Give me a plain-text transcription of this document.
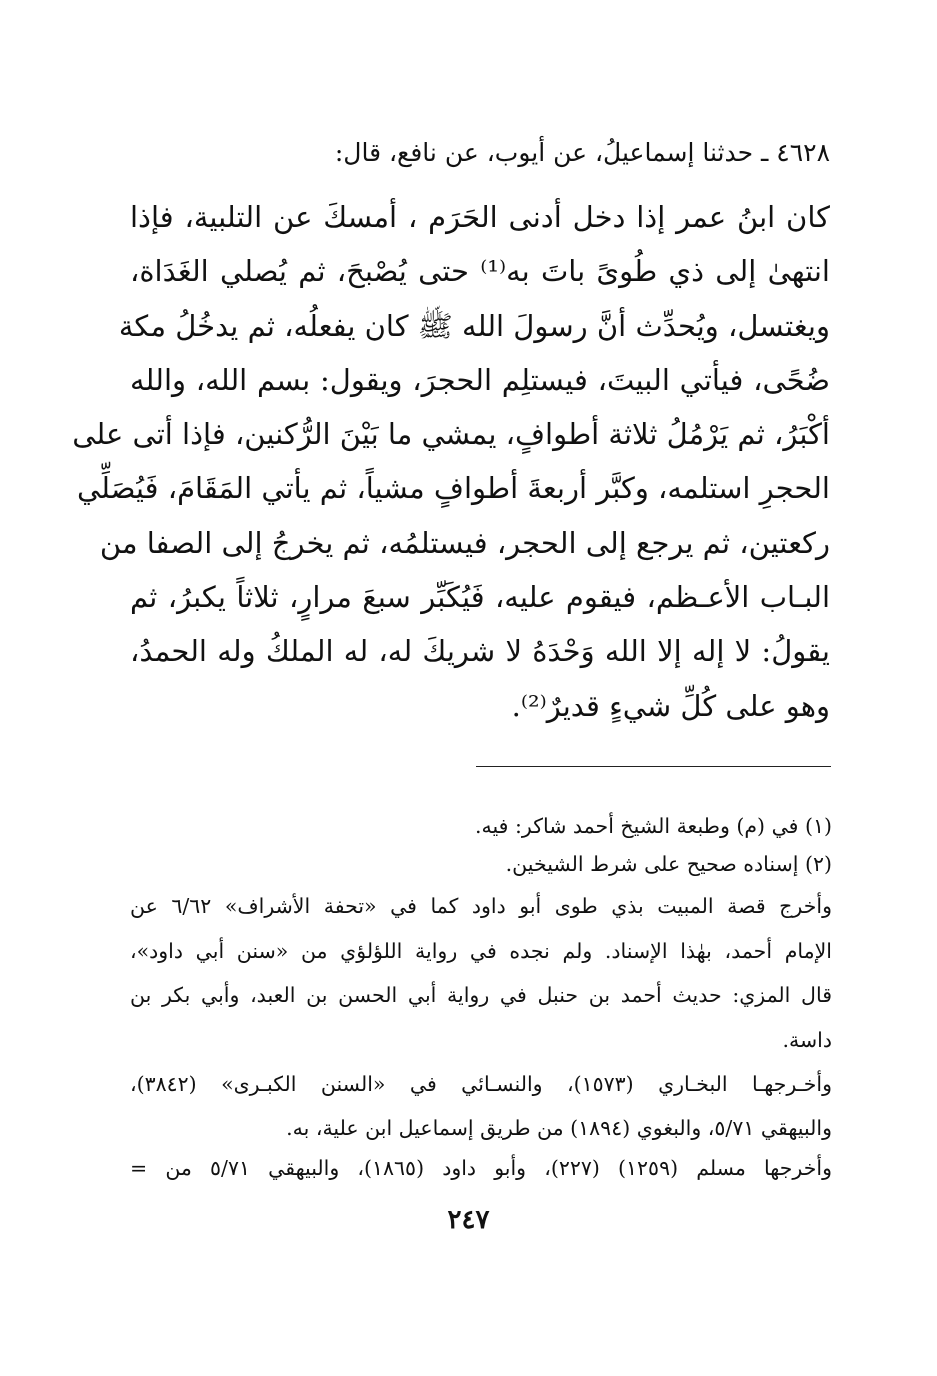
٤٦٢٨ ـ حدثنا إسماعيلُ، عن أيوب، عن نافع، قال:

كان ابنُ عمر إذا دخل أدنى الحَرَم ، أمسكَ عن التلبية، فإذا
انتهىٰ إلى ذي طُوىً باتَ به⁽¹⁾ حتى يُصْبحَ، ثم يُصلي الغَدَاة،
ويغتسل، ويُحدِّث أنَّ رسولَ الله ﷺ كان يفعلُه، ثم يدخُلُ مكة
ضُحًى، فيأتي البيتَ، فيستلِم الحجرَ، ويقول: بسم الله، والله
أكْبَرُ، ثم يَرْمُلُ ثلاثة أطوافٍ، يمشي ما بَيْنَ الرُّكنين، فإذا أتى على
الحجرِ استلمه، وكبَّر أربعةَ أطوافٍ مشياً، ثم يأتي المَقَامَ، فَيُصَلِّي
ركعتين، ثم يرجع إلى الحجر، فيستلمُه، ثم يخرجُ إلى الصفا من
البـاب الأعـظم، فيقوم عليه، فَيُكَبِّر سبعَ مرارٍ، ثلاثاً يكبرُ، ثم
يقولُ: لا إله إلا الله وَحْدَهُ لا شريكَ له، له الملكُ وله الحمدُ،
وهو على كُلِّ شيءٍ قديرٌ⁽²⁾.

(١) في (م) وطبعة الشيخ أحمد شاكر: فيه.

(٢) إسناده صحيح على شرط الشيخين.

وأخرج قصة المبيت بذي طوى أبو داود كما في «تحفة الأشراف» ٦/٦٢ عن
الإمام أحمد، بهٰذا الإسناد. ولم نجده في رواية اللؤلؤي من «سنن أبي داود»،
قال المزي: حديث أحمد بن حنبل في رواية أبي الحسن بن العبد، وأبي بكر بن
داسة.

وأخـرجهـا البخـاري (١٥٧٣)، والنسـائي في «السنن الكبـرى» (٣٨٤٢)،
والبيهقي ٥/٧١، والبغوي (١٨٩٤) من طريق إسماعيل ابن علية، به.

وأخرجها مسلم (١٢٥٩) (٢٢٧)، وأبو داود (١٨٦٥)، والبيهقي ٥/٧١ من =

٢٤٧
